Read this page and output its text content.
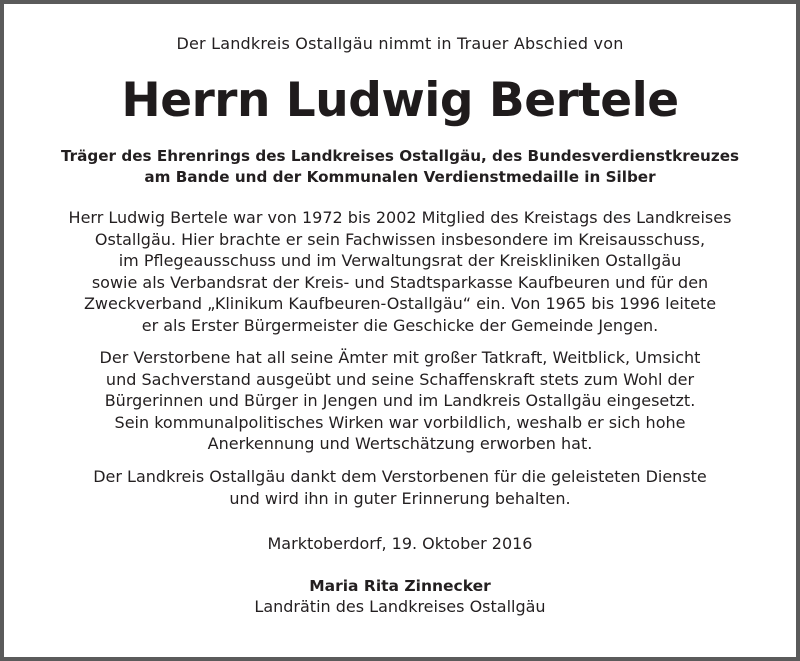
Der Landkreis Ostallgäu nimmt in Trauer Abschied von
Herrn Ludwig Bertele
Träger des Ehrenrings des Landkreises Ostallgäu, des Bundesverdienstkreuzes
am Bande und der Kommunalen Verdienstmedaille in Silber
Herr Ludwig Bertele war von 1972 bis 2002 Mitglied des Kreistags des Landkreises
Ostallgäu. Hier brachte er sein Fachwissen insbesondere im Kreisausschuss,
im Pflegeausschuss und im Verwaltungsrat der Kreiskliniken Ostallgäu
sowie als Verbandsrat der Kreis- und Stadtsparkasse Kaufbeuren und für den
Zweckverband „Klinikum Kaufbeuren-Ostallgäu“ ein. Von 1965 bis 1996 leitete
er als Erster Bürgermeister die Geschicke der Gemeinde Jengen.
Der Verstorbene hat all seine Ämter mit großer Tatkraft, Weitblick, Umsicht
und Sachverstand ausgeübt und seine Schaffenskraft stets zum Wohl der
Bürgerinnen und Bürger in Jengen und im Landkreis Ostallgäu eingesetzt.
Sein kommunalpolitisches Wirken war vorbildlich, weshalb er sich hohe
Anerkennung und Wertschätzung erworben hat.
Der Landkreis Ostallgäu dankt dem Verstorbenen für die geleisteten Dienste
und wird ihn in guter Erinnerung behalten.
Marktoberdorf, 19. Oktober 2016
Maria Rita Zinnecker
Landrätin des Landkreises Ostallgäu
